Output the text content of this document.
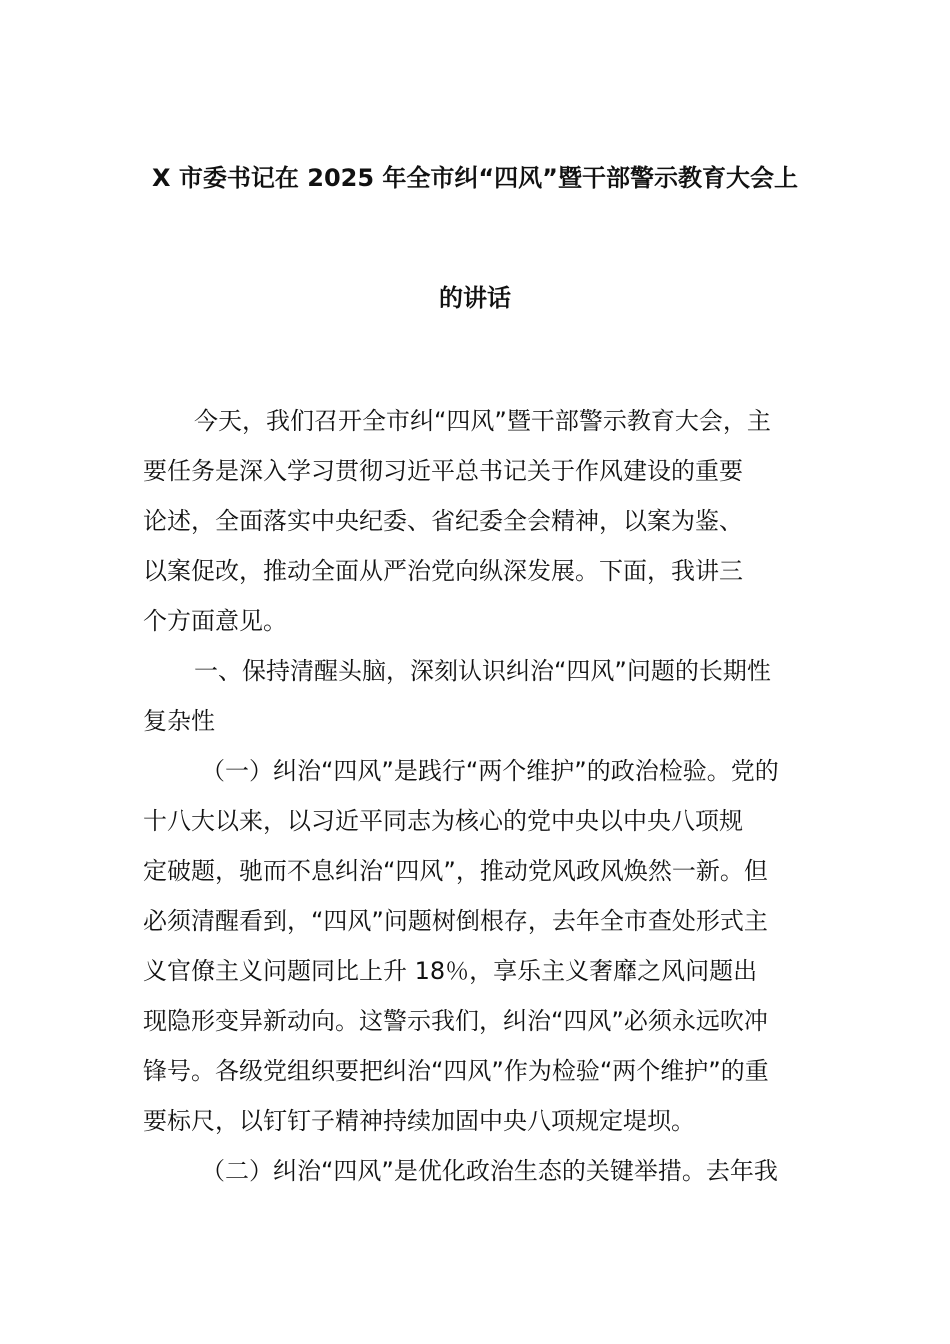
X 市委书记在 2025 年全市纠“四风”暨干部警示教育大会上
的讲话
今天，我们召开全市纠“四风”暨干部警示教育大会，主
要任务是深入学习贯彻习近平总书记关于作风建设的重要
论述，全面落实中央纪委、省纪委全会精神，以案为鉴、
以案促改，推动全面从严治党向纵深发展。下面，我讲三
个方面意见。
一、保持清醒头脑，深刻认识纠治“四风”问题的长期性
复杂性
（一）纠治“四风”是践行“两个维护”的政治检验。党的
十八大以来，以习近平同志为核心的党中央以中央八项规
定破题，驰而不息纠治“四风”，推动党风政风焕然一新。但
必须清醒看到，“四风”问题树倒根存，去年全市查处形式主
义官僚主义问题同比上升 18％，享乐主义奢靡之风问题出
现隐形变异新动向。这警示我们，纠治“四风”必须永远吹冲
锋号。各级党组织要把纠治“四风”作为检验“两个维护”的重
要标尺，以钉钉子精神持续加固中央八项规定堤坝。
（二）纠治“四风”是优化政治生态的关键举措。去年我
